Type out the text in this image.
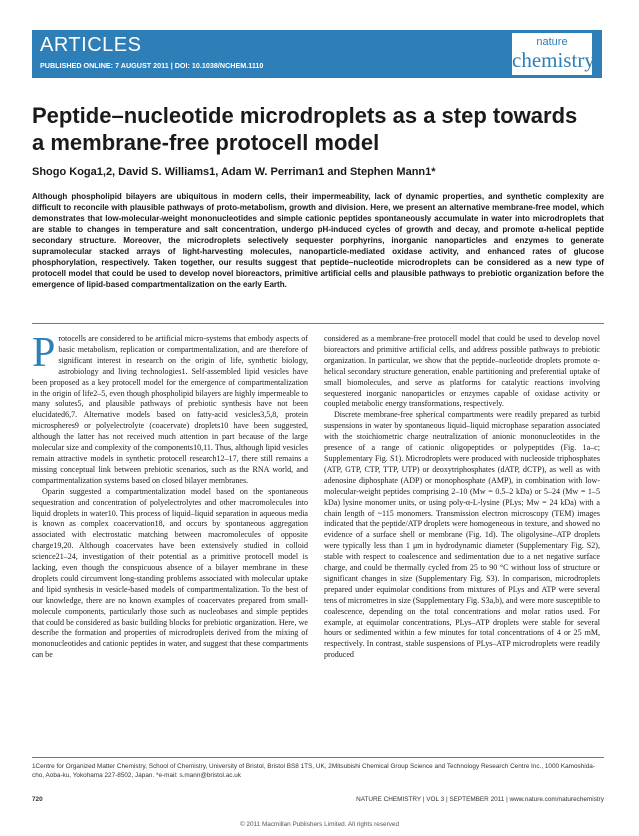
ARTICLES
PUBLISHED ONLINE: 7 AUGUST 2011 | DOI: 10.1038/NCHEM.1110
nature
chemistry
Peptide–nucleotide microdroplets as a step towards a membrane-free protocell model
Shogo Koga1,2, David S. Williams1, Adam W. Perriman1 and Stephen Mann1*

Although phospholipid bilayers are ubiquitous in modern cells, their impermeability, lack of dynamic properties, and synthetic complexity are difficult to reconcile with plausible pathways of proto-metabolism, growth and division. Here, we present an alternative membrane-free model, which demonstrates that low-molecular-weight mononucleotides and simple cationic peptides spontaneously accumulate in water into microdroplets that are stable to changes in temperature and salt concentration, undergo pH-induced cycles of growth and decay, and promote α-helical peptide secondary structure. Moreover, the microdroplets selectively sequester porphyrins, inorganic nanoparticles and enzymes to generate supramolecular stacked arrays of light-harvesting molecules, nanoparticle-mediated oxidase activity, and enhanced rates of glucose phosphorylation, respectively. Taken together, our results suggest that peptide–nucleotide microdroplets can be considered as a new type of protocell model that could be used to develop novel bioreactors, primitive artificial cells and plausible pathways to prebiotic organization before the emergence of lipid-based compartmentalization on the early Earth.

Protocells are considered to be artificial micro-systems that embody aspects of basic metabolism, replication or compartmentalization, and are therefore of significant interest in research on the origin of life, synthetic biology, astrobiology and living technologies1. Self-assembled lipid vesicles have been proposed as a key protocell model for the emergence of compartmentalization in the origin of life2–5, even though phospholipid bilayers are highly impermeable to many solutes5, and plausible pathways of prebiotic synthesis have not been elucidated6,7. Alternative models based on fatty-acid vesicles3,5,8, protein microspheres9 or polyelectrolyte (coacervate) droplets10 have been suggested, although the latter has not received much attention in part because of the large molecular size and complexity of the components10,11. Thus, although lipid vesicles remain attractive models in synthetic protocell research12–17, there still remains a missing conceptual link between prebiotic scenarios, such as the RNA world, and compartmentalization systems based on closed bilayer membranes.

Oparin suggested a compartmentalization model based on the spontaneous sequestration and concentration of polyelectrolytes and other macromolecules into liquid droplets in water10. This process of liquid–liquid separation in aqueous media is known as complex coacervation18, and occurs by spontaneous aggregation associated with electrostatic matching between macromolecules of opposite charge19,20. Although coacervates have been extensively studied in colloid science21–24, investigation of their potential as a primitive protocell model is lacking, even though the conspicuous absence of a bilayer membrane in these droplets could circumvent long-standing problems associated with molecular uptake and lipid synthesis in vesicle-based models of compartmentalization. To the best of our knowledge, there are no known examples of coacervates prepared from small-molecule components, particularly those such as nucleobases and simple peptides that could be considered as basic building blocks for prebiotic organization. Here, we describe the formation and properties of microdroplets derived from the mixing of mononucleotides and cationic peptides in water, and suggest that these compartments can be

considered as a membrane-free protocell model that could be used to develop novel bioreactors and primitive artificial cells, and address possible pathways to prebiotic organization. In particular, we show that the peptide–nucleotide droplets promote α-helical secondary structure generation, enable partitioning and preferential uptake of small biomolecules, and serve as platforms for catalytic reactions involving sequestered inorganic nanoparticles or enzymes capable of oxidase activity or coupled metabolic energy transformations, respectively.

Discrete membrane-free spherical compartments were readily prepared as turbid suspensions in water by spontaneous liquid–liquid microphase separation associated with the stoichiometric charge neutralization of anionic mononucleotides in the presence of a range of cationic oligopeptides or polypeptides (Fig. 1a–c; Supplementary Fig. S1). Microdroplets were produced with nucleoside triphosphates (ATP, GTP, CTP, TTP, UTP) or deoxytriphosphates (dATP, dCTP), as well as with adenosine diphosphate (ADP) or monophosphate (AMP), in combination with low-molecular-weight peptides comprising 2–10 (Mw = 0.5–2 kDa) or 5–24 (Mw = 1–5 kDa) lysine monomer units, or using poly-α-L-lysine (PLys; Mw = 24 kDa) with a chain length of ~115 monomers. Transmission electron microscopy (TEM) images indicated that the peptide/ATP droplets were homogeneous in texture, and showed no evidence of a surface shell or membrane (Fig. 1d). The oligolysine–ATP droplets were typically less than 1 μm in hydrodynamic diameter (Supplementary Fig. S2), stable with respect to coalescence and sedimentation due to a net negative surface charge, and could be thermally cycled from 25 to 90 °C without loss of structure or significant changes in size (Supplementary Fig. S3). In comparison, microdroplets prepared under equimolar conditions from mixtures of PLys and ATP were several tens of micrometres in size (Supplementary Fig. S3a,b), and were more susceptible to coalescence, depending on the total concentrations and molar ratios used. For example, at equimolar concentrations, PLys–ATP droplets were stable for several hours or sedimented within a few minutes for total concentrations of 4 or 25 mM, respectively. In contrast, stable suspensions of PLys–ATP microdroplets were readily produced

1Centre for Organized Matter Chemistry, School of Chemistry, University of Bristol, Bristol BS8 1TS, UK, 2Mitsubishi Chemical Group Science and Technology Research Centre Inc., 1000 Kamoshida-cho, Aoba-ku, Yokohama 227-8502, Japan. *e-mail: s.mann@bristol.ac.uk
720	NATURE CHEMISTRY | VOL 3 | SEPTEMBER 2011 | www.nature.com/naturechemistry
© 2011 Macmillan Publishers Limited. All rights reserved
